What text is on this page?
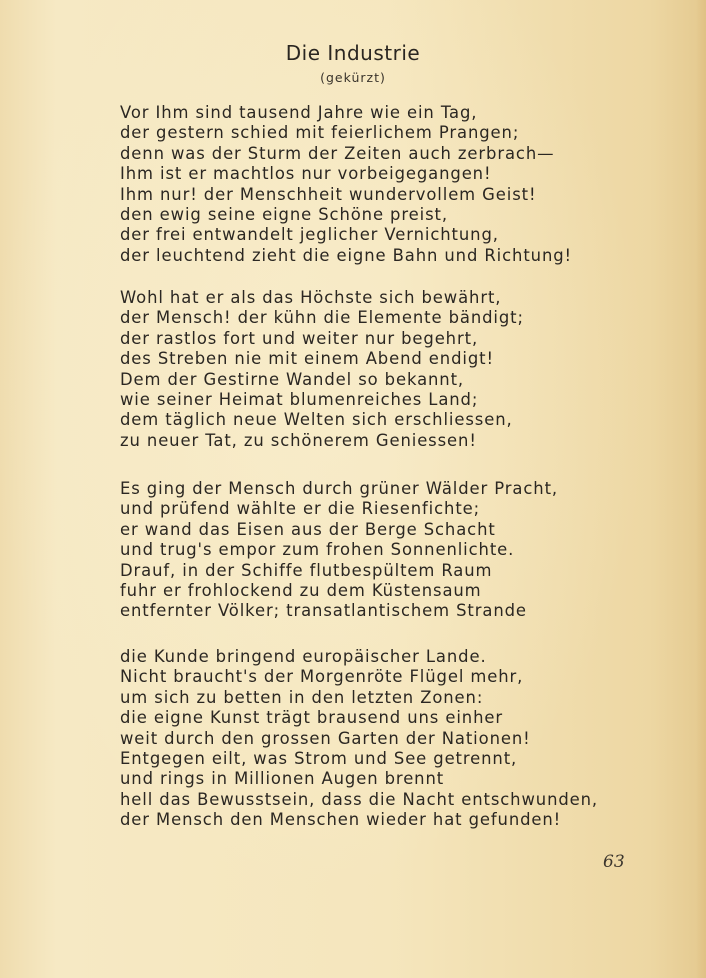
Die Industrie
(gekürzt)
Vor Ihm sind tausend Jahre wie ein Tag,
der gestern schied mit feierlichem Prangen;
denn was der Sturm der Zeiten auch zerbrach—
Ihm ist er machtlos nur vorbeigegangen!
Ihm nur! der Menschheit wundervollem Geist!
den ewig seine eigne Schöne preist,
der frei entwandelt jeglicher Vernichtung,
der leuchtend zieht die eigne Bahn und Richtung!
Wohl hat er als das Höchste sich bewährt,
der Mensch! der kühn die Elemente bändigt;
der rastlos fort und weiter nur begehrt,
des Streben nie mit einem Abend endigt!
Dem der Gestirne Wandel so bekannt,
wie seiner Heimat blumenreiches Land;
dem täglich neue Welten sich erschliessen,
zu neuer Tat, zu schönerem Geniessen!
Es ging der Mensch durch grüner Wälder Pracht,
und prüfend wählte er die Riesenfichte;
er wand das Eisen aus der Berge Schacht
und trug's empor zum frohen Sonnenlichte.
Drauf, in der Schiffe flutbespültem Raum
fuhr er frohlockend zu dem Küstensaum
entfernter Völker; transatlantischem Strande
die Kunde bringend europäischer Lande.
Nicht braucht's der Morgenröte Flügel mehr,
um sich zu betten in den letzten Zonen:
die eigne Kunst trägt brausend uns einher
weit durch den grossen Garten der Nationen!
Entgegen eilt, was Strom und See getrennt,
und rings in Millionen Augen brennt
hell das Bewusstsein, dass die Nacht entschwunden,
der Mensch den Menschen wieder hat gefunden!
63
